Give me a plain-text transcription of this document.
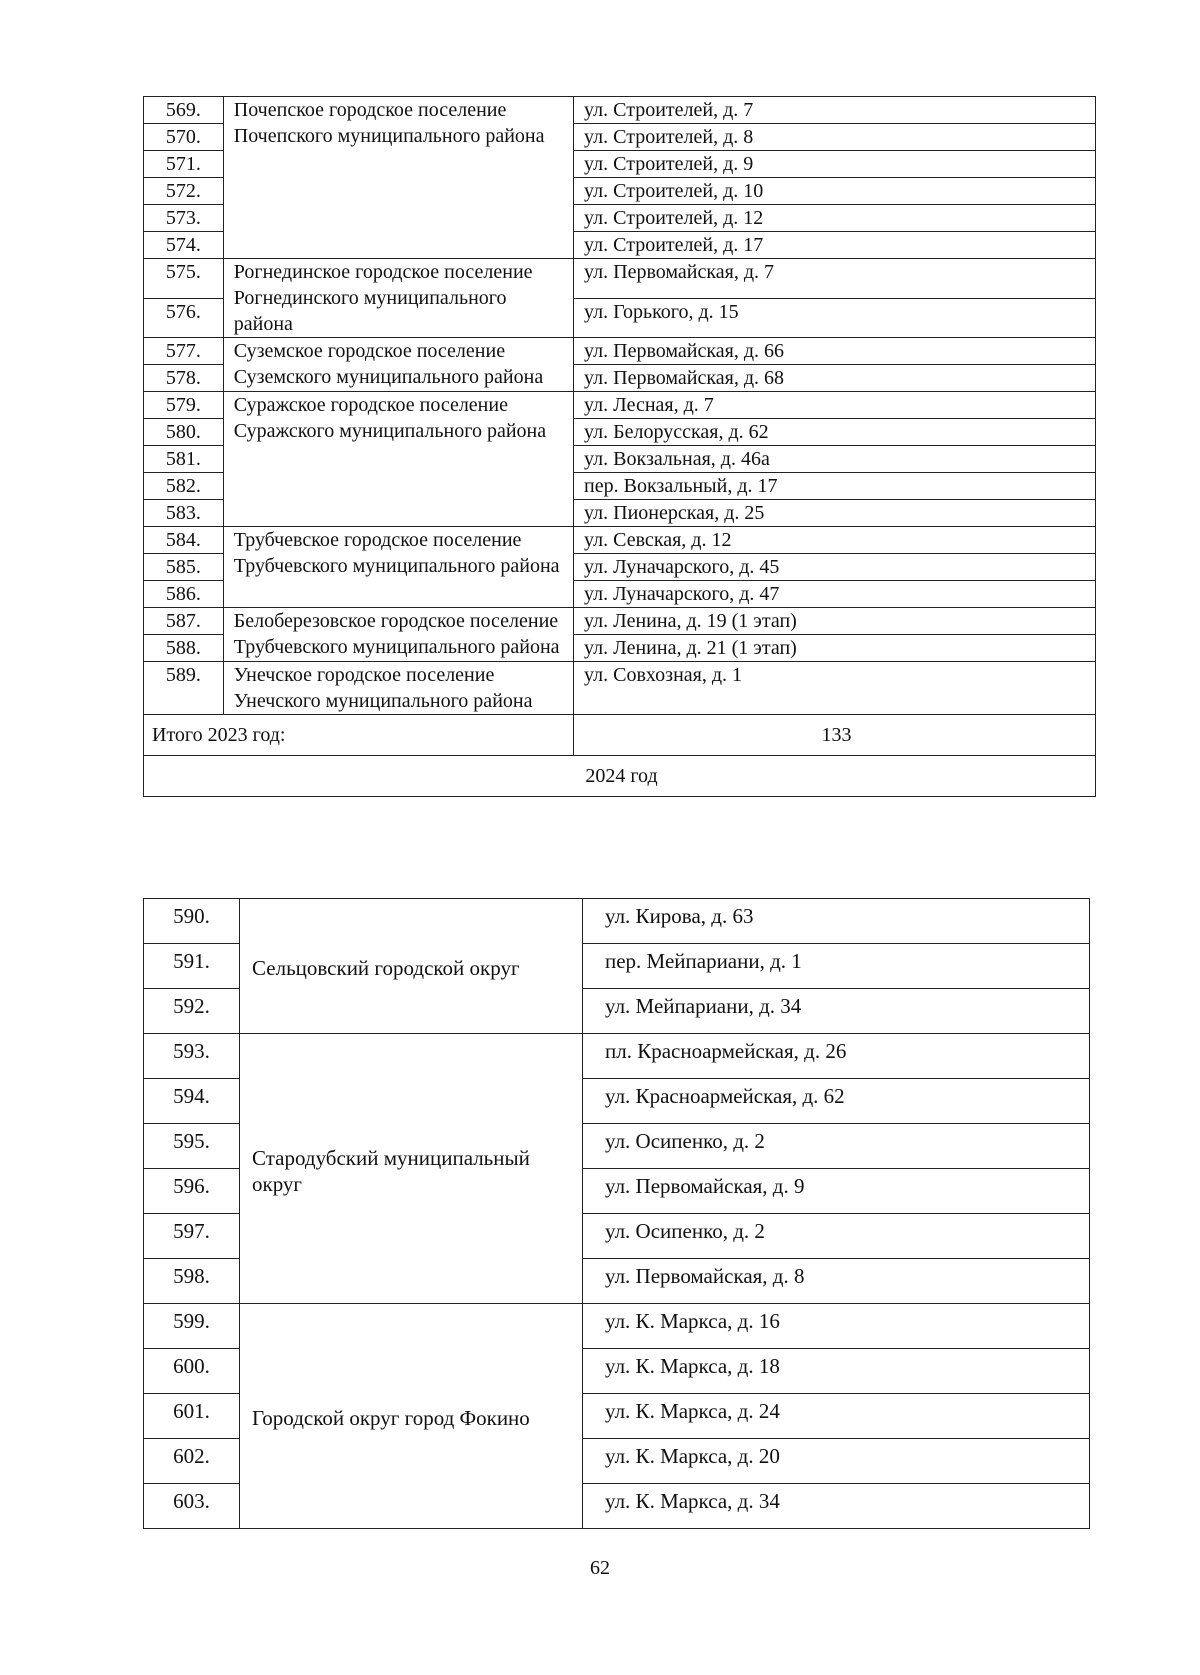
569.	Почепское городское поселение Почепского муниципального района	ул. Строителей, д. 7
570.		ул. Строителей, д. 8
571.		ул. Строителей, д. 9
572.		ул. Строителей, д. 10
573.		ул. Строителей, д. 12
574.		ул. Строителей, д. 17
575.	Рогнединское городское поселение Рогнединского муниципального района	ул. Первомайская, д. 7
576.		ул. Горького, д. 15
577.	Суземское городское поселение Суземского муниципального района	ул. Первомайская, д. 66
578.		ул. Первомайская, д. 68
579.	Суражское городское поселение Суражского муниципального района	ул. Лесная, д. 7
580.		ул. Белорусская, д. 62
581.		ул. Вокзальная, д. 46а
582.		пер. Вокзальный, д. 17
583.		ул. Пионерская, д. 25
584.	Трубчевское городское поселение Трубчевского муниципального района	ул. Севская, д. 12
585.		ул. Луначарского, д. 45
586.		ул. Луначарского, д. 47
587.	Белоберезовское городское поселение Трубчевского муниципального района	ул. Ленина, д. 19 (1 этап)
588.		ул. Ленина, д. 21 (1 этап)
589.	Унечское городское поселение Унечского муниципального района	ул. Совхозная, д. 1
Итого 2023 год:		133
2024 год		
590.	Сельцовский городской округ	ул. Кирова, д. 63
591.		пер. Мейпариани, д. 1
592.		ул. Мейпариани, д. 34
593.	Стародубский муниципальный округ	пл. Красноармейская, д. 26
594.		ул. Красноармейская, д. 62
595.		ул. Осипенко, д. 2
596.		ул. Первомайская, д. 9
597.		ул. Осипенко, д. 2
598.		ул. Первомайская, д. 8
599.	Городской округ город Фокино	ул. К. Маркса, д. 16
600.		ул. К. Маркса, д. 18
601.		ул. К. Маркса, д. 24
602.		ул. К. Маркса, д. 20
603.		ул. К. Маркса, д. 34
62
